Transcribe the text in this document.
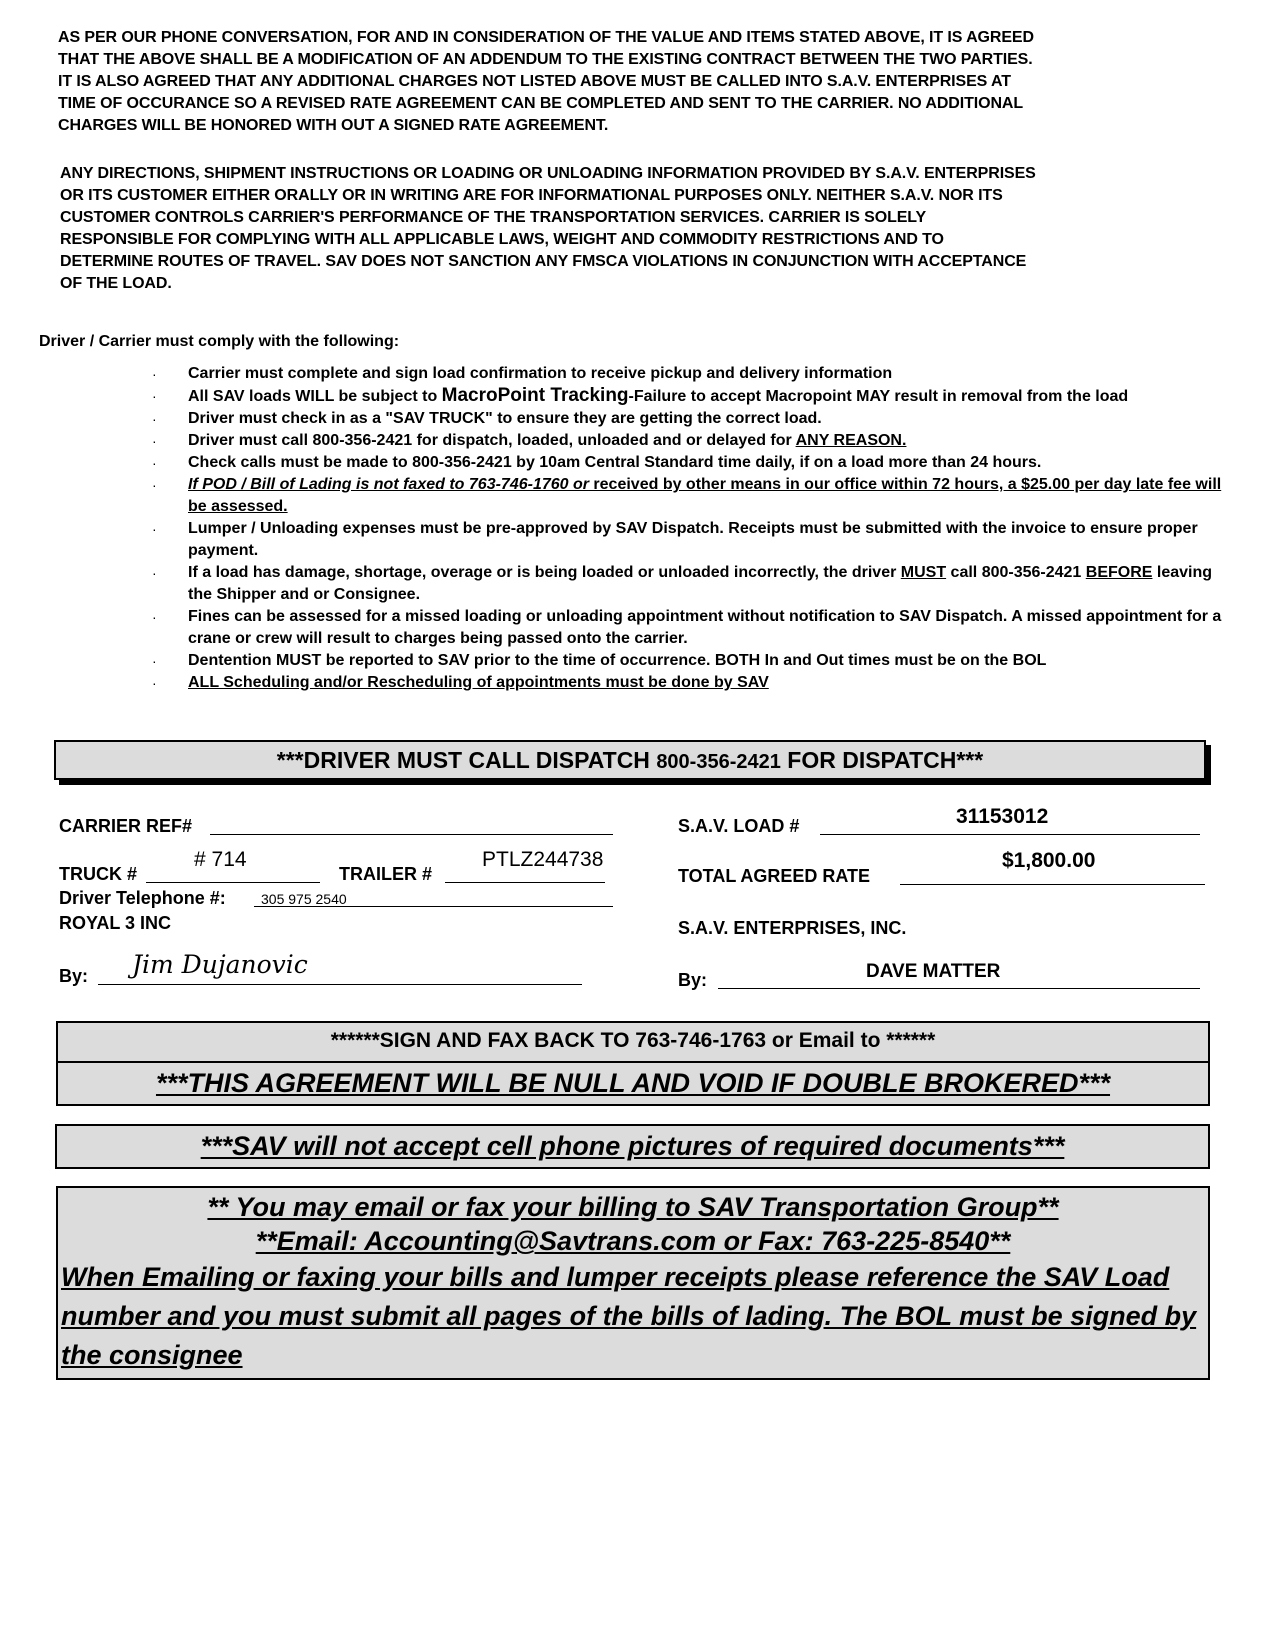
AS PER OUR PHONE CONVERSATION, FOR AND IN CONSIDERATION OF THE VALUE AND ITEMS STATED ABOVE, IT IS AGREED
THAT THE ABOVE SHALL BE A MODIFICATION OF AN ADDENDUM TO THE EXISTING CONTRACT BETWEEN THE TWO PARTIES.
IT IS ALSO AGREED THAT ANY ADDITIONAL CHARGES NOT LISTED ABOVE MUST BE CALLED INTO S.A.V. ENTERPRISES AT
TIME OF OCCURANCE SO A REVISED RATE AGREEMENT CAN BE COMPLETED AND SENT TO THE CARRIER. NO ADDITIONAL
CHARGES WILL BE HONORED WITH OUT A SIGNED RATE AGREEMENT.
ANY DIRECTIONS, SHIPMENT INSTRUCTIONS OR LOADING OR UNLOADING INFORMATION PROVIDED BY S.A.V. ENTERPRISES
OR ITS CUSTOMER EITHER ORALLY OR IN WRITING ARE FOR INFORMATIONAL PURPOSES ONLY. NEITHER S.A.V. NOR ITS
CUSTOMER CONTROLS CARRIER'S PERFORMANCE OF THE TRANSPORTATION SERVICES. CARRIER IS SOLELY
RESPONSIBLE FOR COMPLYING WITH ALL APPLICABLE LAWS, WEIGHT AND COMMODITY RESTRICTIONS AND TO
DETERMINE ROUTES OF TRAVEL. SAV DOES NOT SANCTION ANY FMSCA VIOLATIONS IN CONJUNCTION WITH ACCEPTANCE
OF THE LOAD.
Driver / Carrier must comply with the following:
· Carrier must complete and sign load confirmation to receive pickup and delivery information
· All SAV loads WILL be subject to MacroPoint Tracking-Failure to accept Macropoint MAY result in removal from the load
· Driver must check in as a "SAV TRUCK" to ensure they are getting the correct load.
· Driver must call 800-356-2421 for dispatch, loaded, unloaded and or delayed for ANY REASON.
· Check calls must be made to 800-356-2421 by 10am Central Standard time daily, if on a load more than 24 hours.
· If POD / Bill of Lading is not faxed to 763-746-1760 or received by other means in our office within 72 hours, a $25.00 per day late fee will be assessed.
· Lumper / Unloading expenses must be pre-approved by SAV Dispatch. Receipts must be submitted with the invoice to ensure proper payment.
· If a load has damage, shortage, overage or is being loaded or unloaded incorrectly, the driver MUST call 800-356-2421 BEFORE leaving the Shipper and or Consignee.
· Fines can be assessed for a missed loading or unloading appointment without notification to SAV Dispatch. A missed appointment for a crane or crew will result to charges being passed onto the carrier.
· Dentention MUST be reported to SAV prior to the time of occurrence. BOTH In and Out times must be on the BOL
· ALL Scheduling and/or Rescheduling of appointments must be done by SAV
***DRIVER MUST CALL DISPATCH 800-356-2421 FOR DISPATCH***
CARRIER REF#
TRUCK #
# 714
TRAILER #
PTLZ244738
Driver Telephone #:	305 975 2540
ROYAL 3 INC
By: Jim Dujanovic
S.A.V. LOAD #	31153012
TOTAL AGREED RATE
$1,800.00
S.A.V. ENTERPRISES, INC.
By:	DAVE MATTER
******SIGN AND FAX BACK TO 763-746-1763 or Email to ******
***THIS AGREEMENT WILL BE NULL AND VOID IF DOUBLE BROKERED***
***SAV will not accept cell phone pictures of required documents***
** You may email or fax your billing to SAV Transportation Group**
**Email: Accounting@Savtrans.com or Fax: 763-225-8540**
When Emailing or faxing your bills and lumper receipts please reference the SAV Load number and you must submit all pages of the bills of lading. The BOL must be signed by the consignee
